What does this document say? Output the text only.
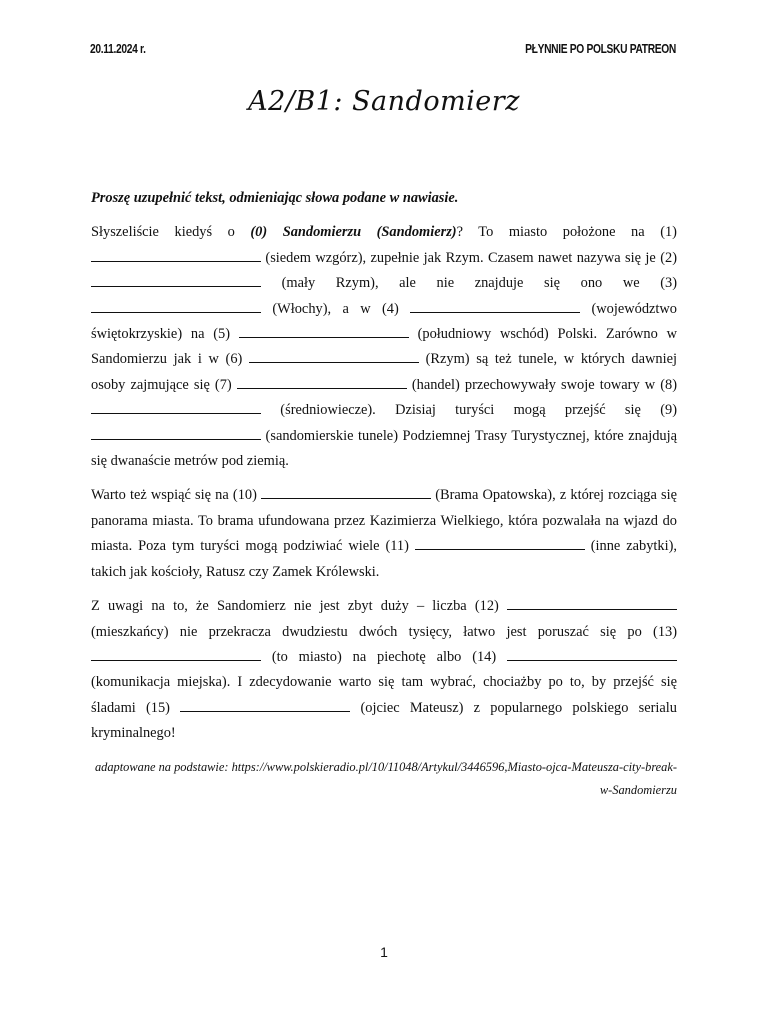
20.11.2024 r.	PŁYNNIE PO POLSKU PATREON
A2/B1: Sandomierz

Proszę uzupełnić tekst, odmieniając słowa podane w nawiasie.

Słyszeliście kiedyś o (0) Sandomierzu (Sandomierz)? To miasto położone na (1)  (siedem wzgórz), zupełnie jak Rzym. Czasem nawet nazywa się je (2)  (mały Rzym), ale nie znajduje się ono we (3)  (Włochy), a w (4)	(województwo świętokrzyskie) na (5)	(południowy wschód) Polski. Zarówno w Sandomierzu jak i w (6)	(Rzym) są też tunele, w których dawniej osoby zajmujące się (7)	(handel) przechowywały swoje towary w (8)  (średniowiecze). Dzisiaj turyści mogą przejść się (9)  (sandomierskie tunele) Podziemnej Trasy Turystycznej, które znajdują się dwanaście metrów pod ziemią.

Warto też wspiąć się na (10)	(Brama Opatowska), z której rozciąga się panorama miasta. To brama ufundowana przez Kazimierza Wielkiego, która pozwalała na wjazd do miasta. Poza tym turyści mogą podziwiać wiele (11)	(inne zabytki), takich jak kościoły, Ratusz czy Zamek Królewski.

Z uwagi na to, że Sandomierz nie jest zbyt duży – liczba (12)  (mieszkańcy) nie przekracza dwudziestu dwóch tysięcy, łatwo jest poruszać się po (13)  (to miasto) na piechotę albo (14)  (komunikacja miejska). I zdecydowanie warto się tam wybrać, chociażby po to, by przejść się śladami (15)	(ojciec Mateusz) z popularnego polskiego serialu kryminalnego!

adaptowane na podstawie: https://www.polskieradio.pl/10/11048/Artykul/3446596,Miasto-ojca-Mateusza-city-break-w-Sandomierzu

1
